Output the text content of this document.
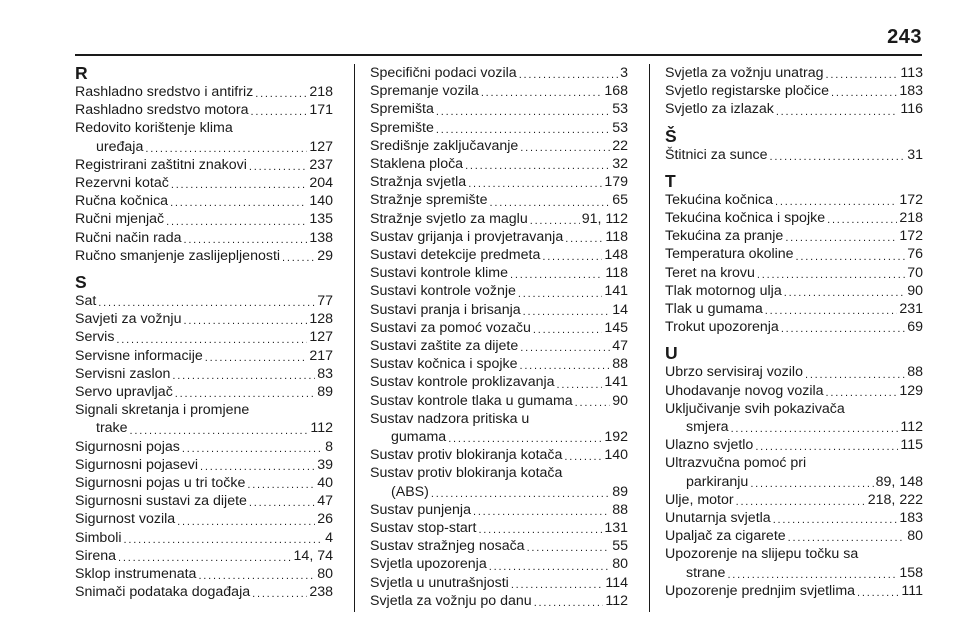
243
R
Rashladno sredstvo i antifriz .....	218
Rashladno sredstvo motora .....	171
Redovito korištenje klima
uređaja .....	127
Registrirani zaštitni znakovi .....	237
Rezervni kotač .....	204
Ručna kočnica .....	140
Ručni mjenjač .....	135
Ručni način rada .....	138
Ručno smanjenje zaslijepljenosti .....	29
S
Sat .....	77
Savjeti za vožnju .....	128
Servis .....	127
Servisne informacije .....	217
Servisni zaslon .....	83
Servo upravljač .....	89
Signali skretanja i promjene
trake .....	112
Sigurnosni pojas .....	8
Sigurnosni pojasevi .....	39
Sigurnosni pojas u tri točke .....	40
Sigurnosni sustavi za dijete .....	47
Sigurnost vozila .....	26
Simboli .....	4
Sirena .....	14, 74
Sklop instrumenata .....	80
Snimači podataka događaja .....	238
Specifični podaci vozila .....	3
Spremanje vozila .....	168
Spremišta .....	53
Spremište .....	53
Središnje zaključavanje .....	22
Staklena ploča .....	32
Stražnja svjetla .....	179
Stražnje spremište .....	65
Stražnje svjetlo za maglu .....	91, 112
Sustav grijanja i provjetravanja .....	118
Sustavi detekcije predmeta .....	148
Sustavi kontrole klime .....	118
Sustavi kontrole vožnje .....	141
Sustavi pranja i brisanja .....	14
Sustavi za pomoć vozaču .....	145
Sustavi zaštite za dijete .....	47
Sustav kočnica i spojke .....	88
Sustav kontrole proklizavanja .....	141
Sustav kontrole tlaka u gumama .....	90
Sustav nadzora pritiska u
gumama .....	192
Sustav protiv blokiranja kotača .....	140
Sustav protiv blokiranja kotača
(ABS) .....	89
Sustav punjenja .....	88
Sustav stop-start .....	131
Sustav stražnjeg nosača .....	55
Svjetla upozorenja .....	80
Svjetla u unutrašnjosti .....	114
Svjetla za vožnju po danu .....	112
Svjetla za vožnju unatrag .....	113
Svjetlo registarske pločice .....	183
Svjetlo za izlazak .....	116
Š
Štitnici za sunce .....	31
T
Tekućina kočnica .....	172
Tekućina kočnica i spojke .....	218
Tekućina za pranje .....	172
Temperatura okoline .....	76
Teret na krovu .....	70
Tlak motornog ulja .....	90
Tlak u gumama .....	231
Trokut upozorenja .....	69
U
Ubrzo servisiraj vozilo .....	88
Uhodavanje novog vozila .....	129
Uključivanje svih pokazivača
smjera .....	112
Ulazno svjetlo .....	115
Ultrazvučna pomoć pri
parkiranju .....	89, 148
Ulje, motor .....	218, 222
Unutarnja svjetla .....	183
Upaljač za cigarete .....	80
Upozorenje na slijepu točku sa
strane .....	158
Upozorenje prednjim svjetlima .....	111
